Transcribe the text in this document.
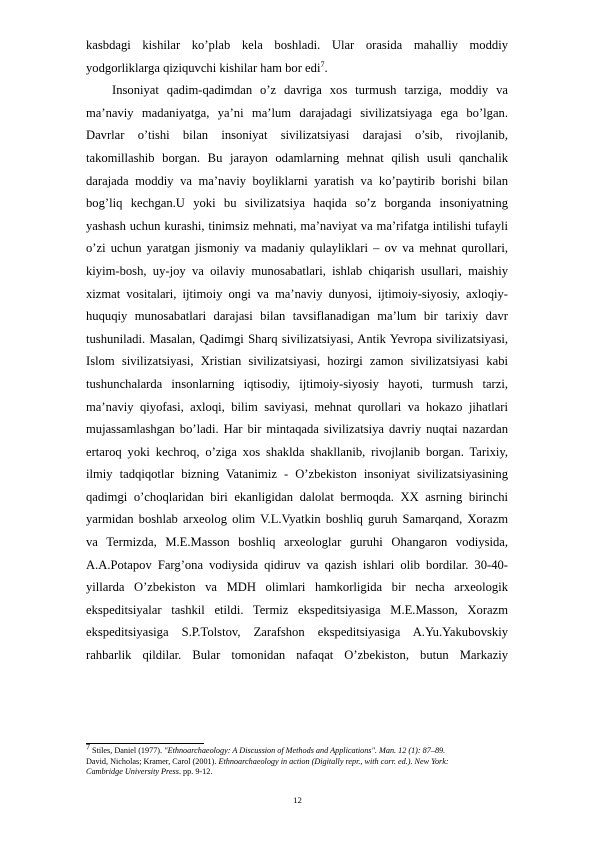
kasbdagi kishilar ko’plab kela boshladi. Ular orasida mahalliy moddiy
yodgorliklarga qiziquvchi kishilar ham bor edi$^7$.
Insoniyat qadim-qadimdan o’z davriga xos turmush tarziga, moddiy va
ma’naviy madaniyatga, ya’ni ma’lum darajadagi sivilizatsiyaga ega bo’lgan.
Davrlar o’tishi bilan insoniyat sivilizatsiyasi darajasi o’sib, rivojlanib,
takomillashib borgan. Bu jarayon odamlarning mehnat qilish usuli qanchalik
darajada moddiy va ma’naviy boyliklarni yaratish va ko’paytirib borishi bilan
bog’liq kechgan.U yoki bu sivilizatsiya haqida so’z borganda insoniyatning
yashash uchun kurashi, tinimsiz mehnati, ma’naviyat va ma’rifatga intilishi tufayli
o’zi uchun yaratgan jismoniy va madaniy qulayliklari – ov va mehnat qurollari,
kiyim-bosh, uy-joy va oilaviy munosabatlari, ishlab chiqarish usullari, maishiy
xizmat vositalari, ijtimoiy ongi va ma’naviy dunyosi, ijtimoiy-siyosiy, axloqiy-
huquqiy munosabatlari darajasi bilan tavsiflanadigan ma’lum bir tarixiy davr
tushuniladi. Masalan, Qadimgi Sharq sivilizatsiyasi, Antik Yevropa sivilizatsiyasi,
Islom sivilizatsiyasi, Xristian sivilizatsiyasi, hozirgi zamon sivilizatsiyasi kabi
tushunchalarda insonlarning iqtisodiy, ijtimoiy-siyosiy hayoti, turmush tarzi,
ma’naviy qiyofasi, axloqi, bilim saviyasi, mehnat qurollari va hokazo jihatlari
mujassamlashgan bo’ladi. Har bir mintaqada sivilizatsiya davriy nuqtai nazardan
ertaroq yoki kechroq, o’ziga xos shaklda shakllanib, rivojlanib borgan. Tarixiy,
ilmiy tadqiqotlar bizning Vatanimiz - O’zbekiston insoniyat sivilizatsiyasining
qadimgi o’choqlaridan biri ekanligidan dalolat bermoqda. XX asrning birinchi
yarmidan boshlab arxeolog olim V.L.Vyatkin boshliq guruh Samarqand, Xorazm
va Termizda, M.E.Masson boshliq arxeologlar guruhi Ohangaron vodiysida,
A.A.Potapov Farg’ona vodiysida qidiruv va qazish ishlari olib bordilar. 30-40-
yillarda O’zbekiston va MDH olimlari hamkorligida bir necha arxeologik
ekspeditsiyalar tashkil etildi. Termiz ekspeditsiyasiga M.E.Masson, Xorazm
ekspeditsiyasiga S.P.Tolstov, Zarafshon ekspeditsiyasiga A.Yu.Yakubovskiy
rahbarlik qildilar. Bular tomonidan nafaqat O’zbekiston, butun Markaziy
$^7$ Stiles, Daniel (1977). "Ethnoarchaeology: A Discussion of Methods and Applications". Man. 12 (1): 87–89.
David, Nicholas; Kramer, Carol (2001). Ethnoarchaeology in action (Digitally repr., with corr. ed.). New York:
Cambridge University Press. pp. 9-12.
12
